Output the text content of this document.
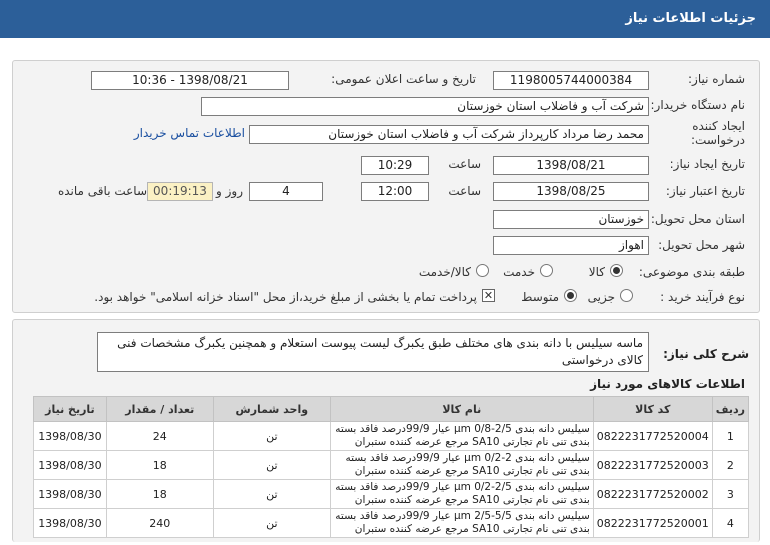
جزئیات اطلاعات نیاز
شماره نیاز:
1198005744000384
تاریخ و ساعت اعلان عمومی:
1398/08/21 - 10:36
نام دستگاه خریدار:
شرکت آب و فاضلاب استان خوزستان
ایجاد کننده
درخواست:
محمد رضا مرداد کارپرداز شرکت آب و فاضلاب استان خوزستان
اطلاعات تماس خریدار
تاریخ ایجاد نیاز:
1398/08/21
ساعت
10:29
تاریخ اعتبار نیاز:
1398/08/25
ساعت
12:00
4
روز و
00:19:13
ساعت باقی مانده
استان محل تحویل:
خوزستان
شهر محل تحویل:
اهواز
طبقه بندی موضوعی:
کالا
خدمت
کالا/خدمت
نوع فرآیند خرید :
جزیی
متوسط
✕
پرداخت تمام یا بخشی از مبلغ خرید،از محل "اسناد خزانه اسلامی" خواهد بود.
شرح کلی نیاز:
ماسه سیلیس با دانه بندی های مختلف طبق یکبرگ لیست پیوست استعلام و همچنین یکبرگ مشخصات فنی کالای درخواستی
اطلاعات کالاهای مورد نیاز
ردیف	کد کالا	نام کالا	واحد شمارش	تعداد / مقدار	تاریخ نیاز
1	0822231772520004	سیلیس دانه بندی 2/5-0/8 µm عیار 99/9درصد فاقد بسته بندی تنی نام تجارتی SA10 مرجع عرضه کننده ستبران	تن	24	1398/08/30
2	0822231772520003	سیلیس دانه بندی 2-0/2 µm عیار 99/9درصد فاقد بسته بندی تنی نام تجارتی SA10 مرجع عرضه کننده ستبران	تن	18	1398/08/30
3	0822231772520002	سیلیس دانه بندی 2/5-0/2 µm عیار 99/9درصد فاقد بسته بندی تنی نام تجارتی SA10 مرجع عرضه کننده ستبران	تن	18	1398/08/30
4	0822231772520001	سیلیس دانه بندی 5/5-2/5 µm عیار 99/9درصد فاقد بسته بندی تنی نام تجارتی SA10 مرجع عرضه کننده ستبران	تن	240	1398/08/30
